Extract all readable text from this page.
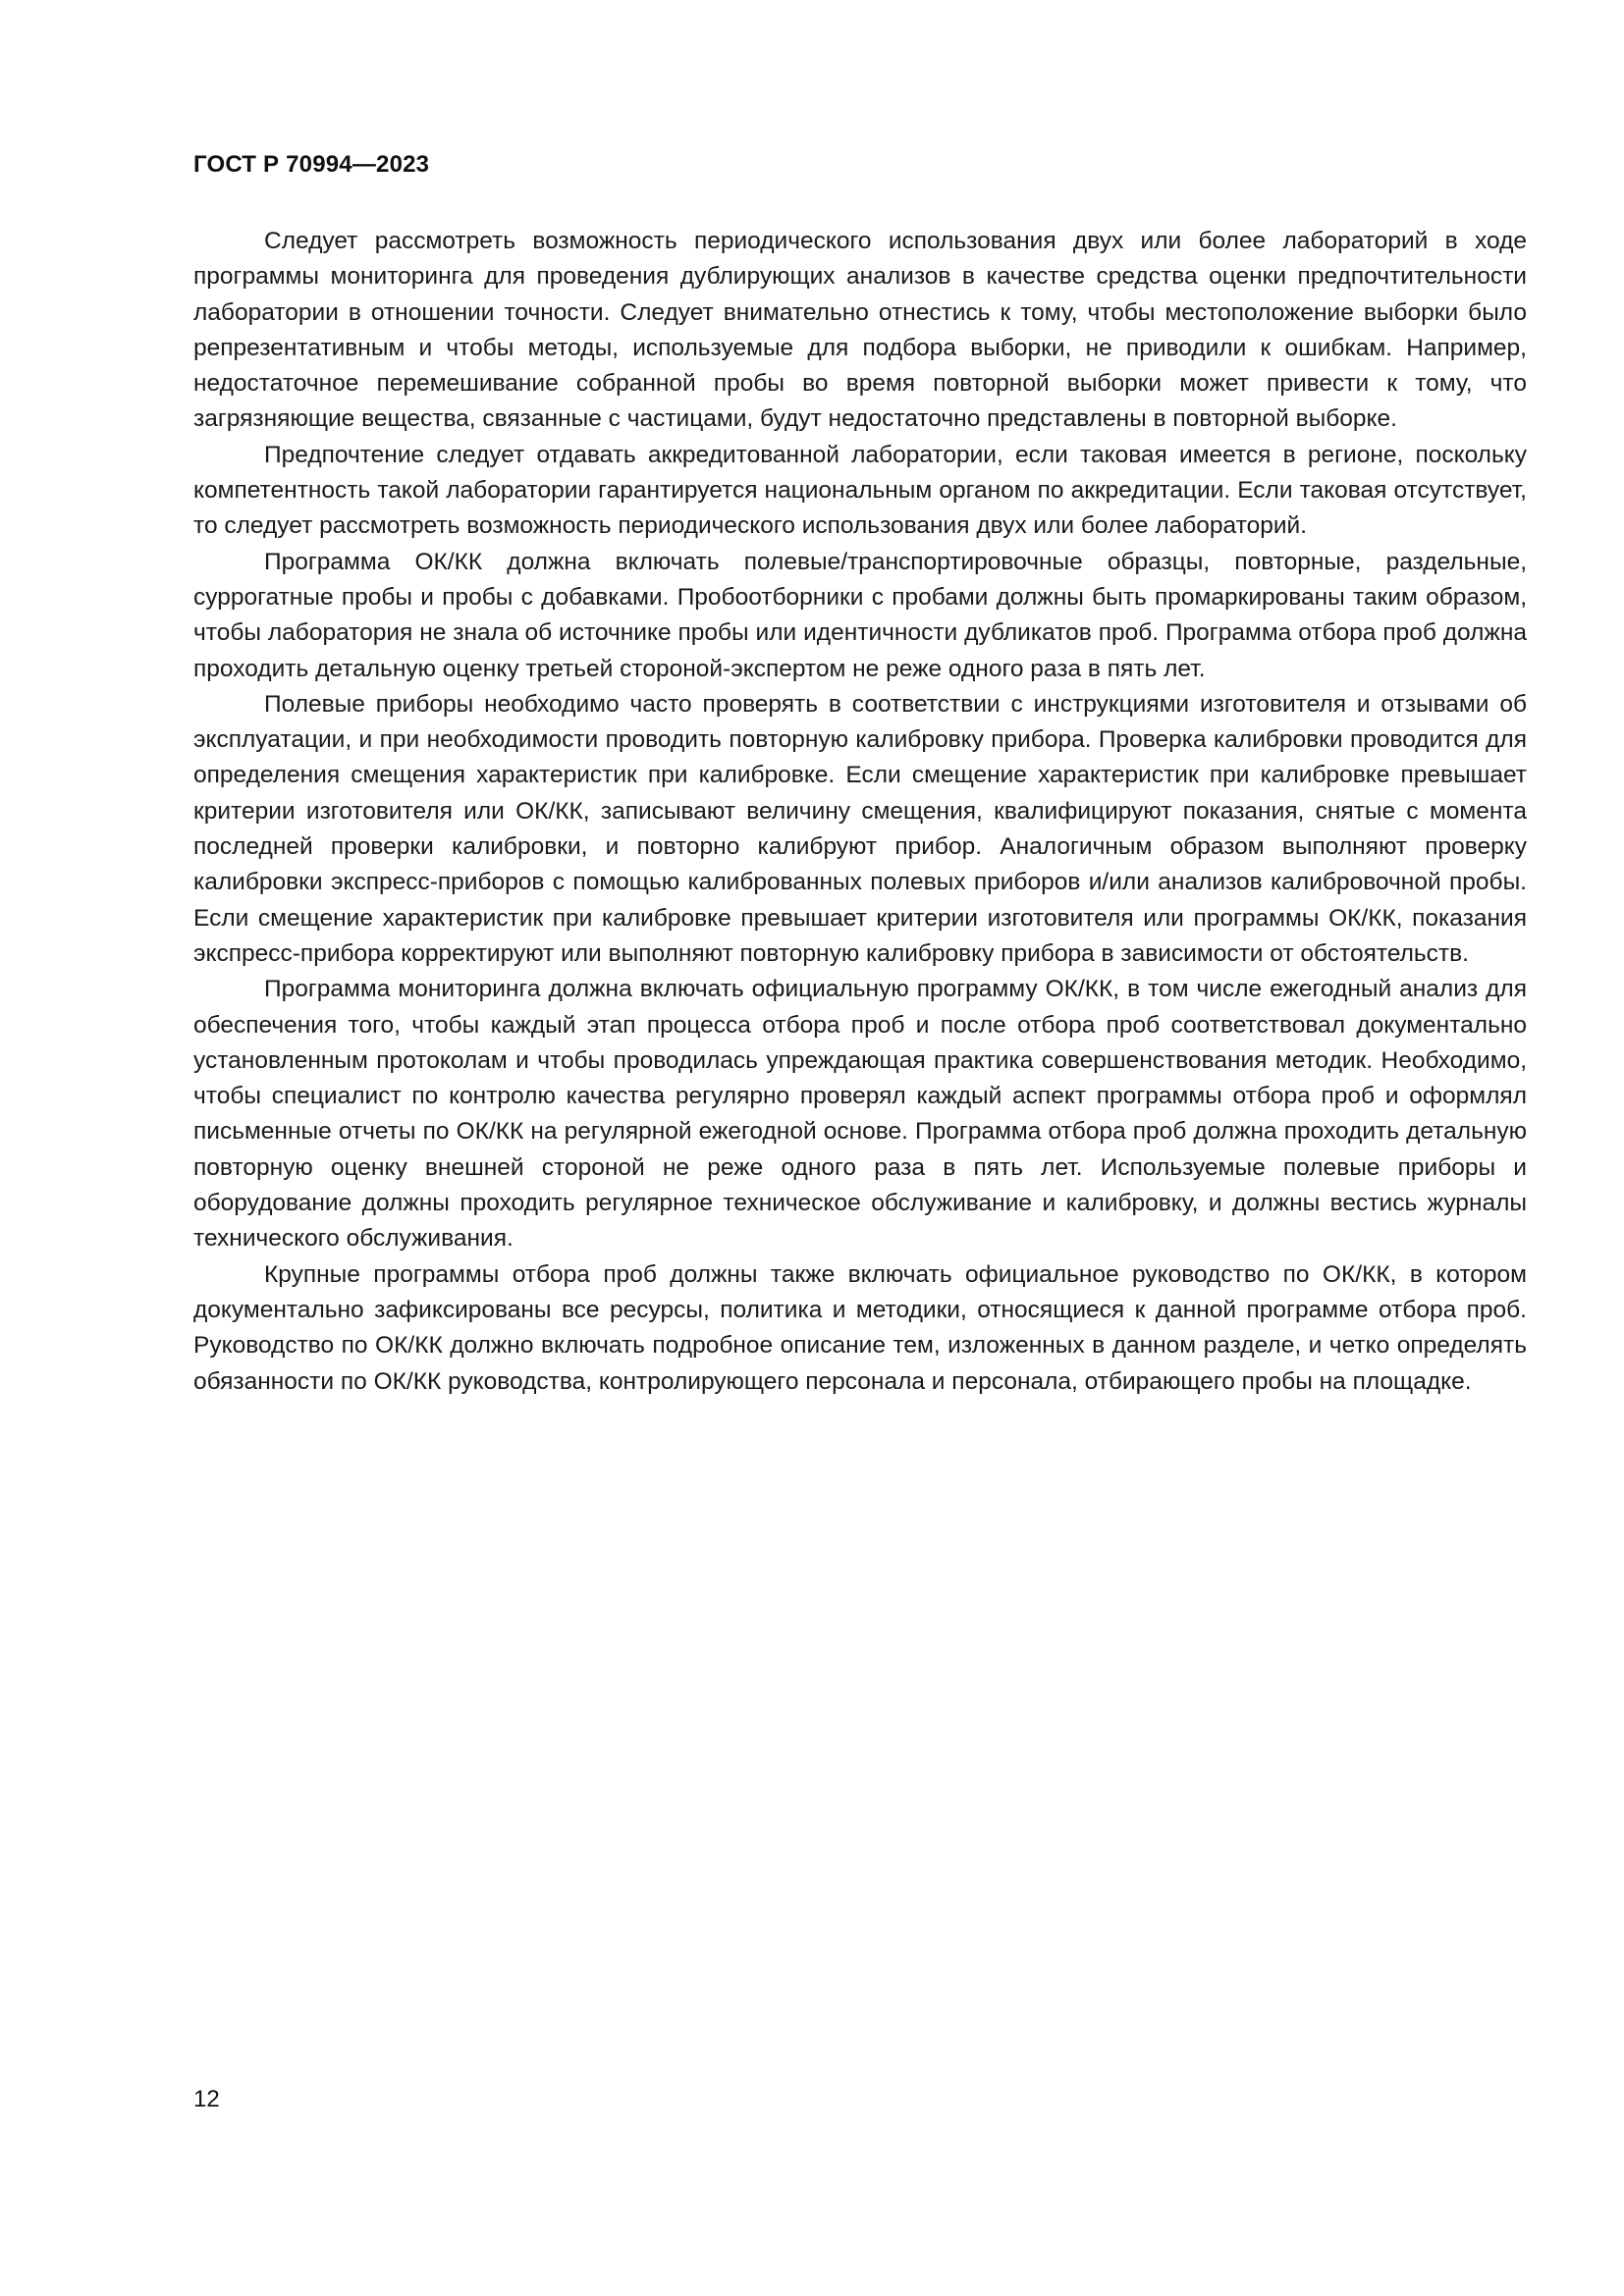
ГОСТ Р 70994—2023

Следует рассмотреть возможность периодического использования двух или более лабораторий в ходе программы мониторинга для проведения дублирующих анализов в качестве средства оценки предпочтительности лаборатории в отношении точности. Следует внимательно отнестись к тому, чтобы местоположение выборки было репрезентативным и чтобы методы, используемые для подбора выборки, не приводили к ошибкам. Например, недостаточное перемешивание собранной пробы во время повторной выборки может привести к тому, что загрязняющие вещества, связанные с частицами, будут недостаточно представлены в повторной выборке.

Предпочтение следует отдавать аккредитованной лаборатории, если таковая имеется в регионе, поскольку компетентность такой лаборатории гарантируется национальным органом по аккредитации. Если таковая отсутствует, то следует рассмотреть возможность периодического использования двух или более лабораторий.

Программа ОК/КК должна включать полевые/транспортировочные образцы, повторные, раздельные, суррогатные пробы и пробы с добавками. Пробоотборники с пробами должны быть промаркированы таким образом, чтобы лаборатория не знала об источнике пробы или идентичности дубликатов проб. Программа отбора проб должна проходить детальную оценку третьей стороной-экспертом не реже одного раза в пять лет.

Полевые приборы необходимо часто проверять в соответствии с инструкциями изготовителя и отзывами об эксплуатации, и при необходимости проводить повторную калибровку прибора. Проверка калибровки проводится для определения смещения характеристик при калибровке. Если смещение характеристик при калибровке превышает критерии изготовителя или ОК/КК, записывают величину смещения, квалифицируют показания, снятые с момента последней проверки калибровки, и повторно калибруют прибор. Аналогичным образом выполняют проверку калибровки экспресс-приборов с помощью калиброванных полевых приборов и/или анализов калибровочной пробы. Если смещение характеристик при калибровке превышает критерии изготовителя или программы ОК/КК, показания экспресс-прибора корректируют или выполняют повторную калибровку прибора в зависимости от обстоятельств.

Программа мониторинга должна включать официальную программу ОК/КК, в том числе ежегодный анализ для обеспечения того, чтобы каждый этап процесса отбора проб и после отбора проб соответствовал документально установленным протоколам и чтобы проводилась упреждающая практика совершенствования методик. Необходимо, чтобы специалист по контролю качества регулярно проверял каждый аспект программы отбора проб и оформлял письменные отчеты по ОК/КК на регулярной ежегодной основе. Программа отбора проб должна проходить детальную повторную оценку внешней стороной не реже одного раза в пять лет. Используемые полевые приборы и оборудование должны проходить регулярное техническое обслуживание и калибровку, и должны вестись журналы технического обслуживания.

Крупные программы отбора проб должны также включать официальное руководство по ОК/КК, в котором документально зафиксированы все ресурсы, политика и методики, относящиеся к данной программе отбора проб. Руководство по ОК/КК должно включать подробное описание тем, изложенных в данном разделе, и четко определять обязанности по ОК/КК руководства, контролирующего персонала и персонала, отбирающего пробы на площадке.

12
